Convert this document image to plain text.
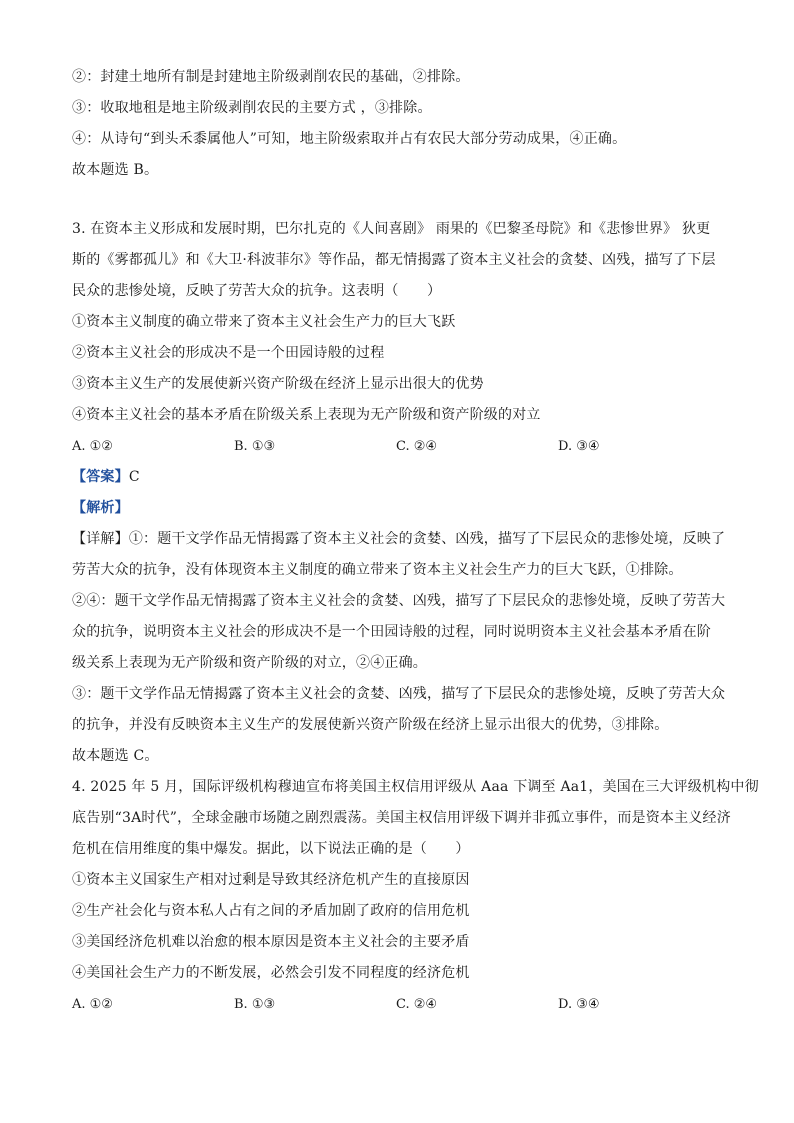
②：封建土地所有制是封建地主阶级剥削农民的基础，②排除。
③：收取地租是地主阶级剥削农民的主要方式 ，③排除。
④：从诗句“到头禾黍属他人”可知，地主阶级索取并占有农民大部分劳动成果，④正确。
故本题选 B。
3. 在资本主义形成和发展时期，巴尔扎克的《人间喜剧》 雨果的《巴黎圣母院》和《悲惨世界》 狄更
斯的《雾都孤儿》和《大卫·科波菲尔》等作品，都无情揭露了资本主义社会的贪婪、凶残，描写了下层
民众的悲惨处境，反映了劳苦大众的抗争。这表明（　　）
①资本主义制度的确立带来了资本主义社会生产力的巨大飞跃
②资本主义社会的形成决不是一个田园诗般的过程
③资本主义生产的发展使新兴资产阶级在经济上显示出很大的优势
④资本主义社会的基本矛盾在阶级关系上表现为无产阶级和资产阶级的对立
A. ①②	B. ①③	C. ②④	D. ③④
【答案】C
【解析】
【详解】①：题干文学作品无情揭露了资本主义社会的贪婪、凶残，描写了下层民众的悲惨处境，反映了
劳苦大众的抗争，没有体现资本主义制度的确立带来了资本主义社会生产力的巨大飞跃，①排除。
②④：题干文学作品无情揭露了资本主义社会的贪婪、凶残，描写了下层民众的悲惨处境，反映了劳苦大
众的抗争，说明资本主义社会的形成决不是一个田园诗般的过程，同时说明资本主义社会基本矛盾在阶
级关系上表现为无产阶级和资产阶级的对立，②④正确。
③：题干文学作品无情揭露了资本主义社会的贪婪、凶残，描写了下层民众的悲惨处境，反映了劳苦大众
的抗争，并没有反映资本主义生产的发展使新兴资产阶级在经济上显示出很大的优势，③排除。
故本题选 C。
4. 2025 年 5 月，国际评级机构穆迪宣布将美国主权信用评级从 Aaa 下调至 Aa1，美国在三大评级机构中彻
底告别“3A时代”，全球金融市场随之剧烈震荡。美国主权信用评级下调并非孤立事件，而是资本主义经济
危机在信用维度的集中爆发。据此，以下说法正确的是（　　）
①资本主义国家生产相对过剩是导致其经济危机产生的直接原因
②生产社会化与资本私人占有之间的矛盾加剧了政府的信用危机
③美国经济危机难以治愈的根本原因是资本主义社会的主要矛盾
④美国社会生产力的不断发展，必然会引发不同程度的经济危机
A. ①②	B. ①③	C. ②④	D. ③④
